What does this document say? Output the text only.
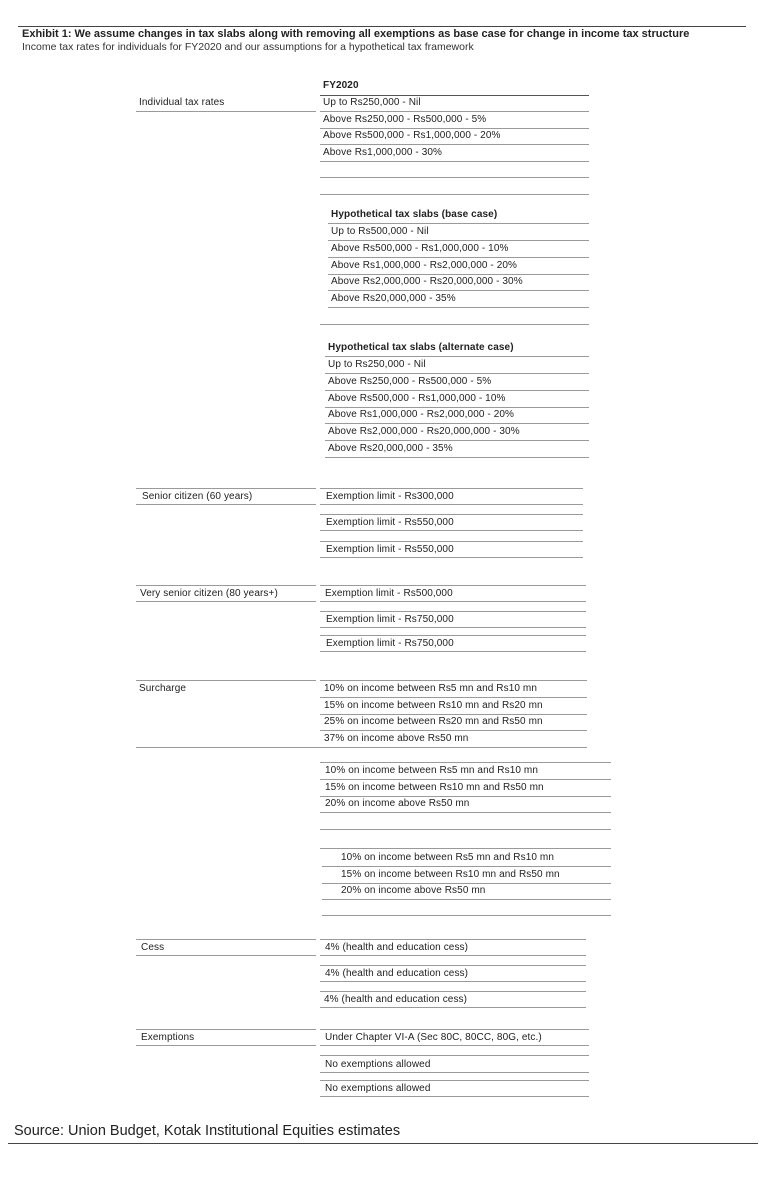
Exhibit 1: We assume changes in tax slabs along with removing all exemptions as base case for change in income tax structure
Income tax rates for individuals for FY2020 and our assumptions for a hypothetical tax framework
FY2020
Individual tax rates	Up to Rs250,000 - Nil
Above Rs250,000 - Rs500,000 - 5%
Above Rs500,000 - Rs1,000,000 - 20%
Above Rs1,000,000 - 30%
Hypothetical tax slabs (base case)
Up to Rs500,000 - Nil
Above Rs500,000 - Rs1,000,000 - 10%
Above Rs1,000,000 - Rs2,000,000 - 20%
Above Rs2,000,000 - Rs20,000,000 - 30%
Above Rs20,000,000 - 35%
Hypothetical tax slabs (alternate case)
Up to Rs250,000 - Nil
Above Rs250,000 - Rs500,000 - 5%
Above Rs500,000 - Rs1,000,000 - 10%
Above Rs1,000,000 - Rs2,000,000 - 20%
Above Rs2,000,000 - Rs20,000,000 - 30%
Above Rs20,000,000 - 35%
Senior citizen (60 years)	Exemption limit - Rs300,000
Exemption limit - Rs550,000
Exemption limit - Rs550,000
Very senior citizen (80 years+)	Exemption limit - Rs500,000
Exemption limit - Rs750,000
Exemption limit - Rs750,000
Surcharge	10% on income between Rs5 mn and Rs10 mn
15% on income between Rs10 mn and Rs20 mn
25% on income between Rs20 mn and Rs50 mn
37% on income above Rs50 mn
10% on income between Rs5 mn and Rs10 mn
15% on income between Rs10 mn and Rs50 mn
20% on income above Rs50 mn
10% on income between Rs5 mn and Rs10 mn
15% on income between Rs10 mn and Rs50 mn
20% on income above Rs50 mn
Cess	4% (health and education cess)
4% (health and education cess)
4% (health and education cess)
Exemptions	Under Chapter VI-A (Sec 80C, 80CC, 80G, etc.)
No exemptions allowed
No exemptions allowed
Source: Union Budget, Kotak Institutional Equities estimates
